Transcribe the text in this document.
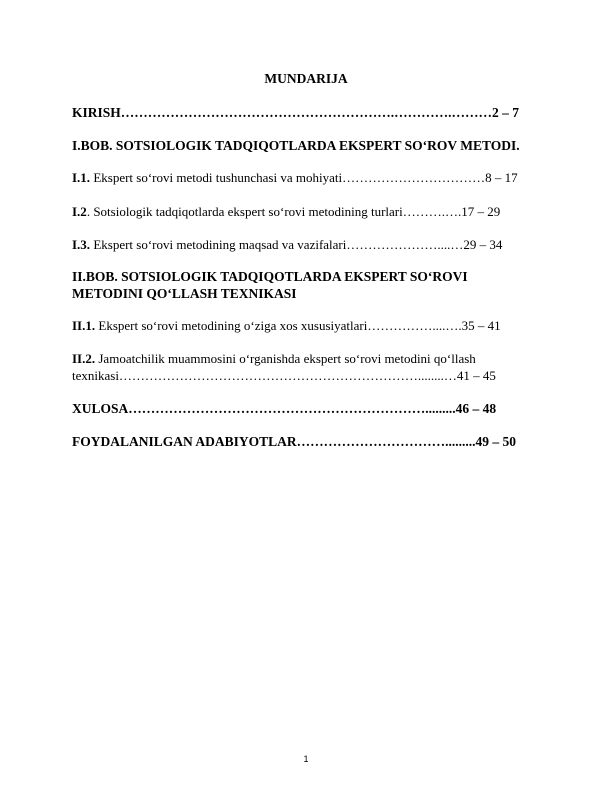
MUNDARIJA
KIRISH…………………………………………………….………….………2 – 7
I.BOB. SOTSIOLOGIK TADQIQOTLARDA EKSPERT SO‘ROV METODI.
I.1. Ekspert so‘rovi metodi tushunchasi va mohiyati……………………………8 – 17
I.2. Sotsiologik tadqiqotlarda ekspert so‘rovi metodining turlari……….….17 – 29
I.3. Ekspert so‘rovi metodining maqsad va vazifalari…………………....…29 – 34
II.BOB. SOTSIOLOGIK TADQIQOTLARDA EKSPERT SO‘ROVI
METODINI QO‘LLASH TEXNIKASI
II.1. Ekspert so‘rovi metodining o‘ziga xos xususiyatlari……………....….35 – 41
II.2. Jamoatchilik muammosini o‘rganishda ekspert so‘rovi metodini qo‘llash
texnikasi……………………………………………………………........…41 – 45
XULOSA………………………………………………………….........46 – 48
FOYDALANILGAN ADABIYOTLAR…………………………….........49 – 50
1
